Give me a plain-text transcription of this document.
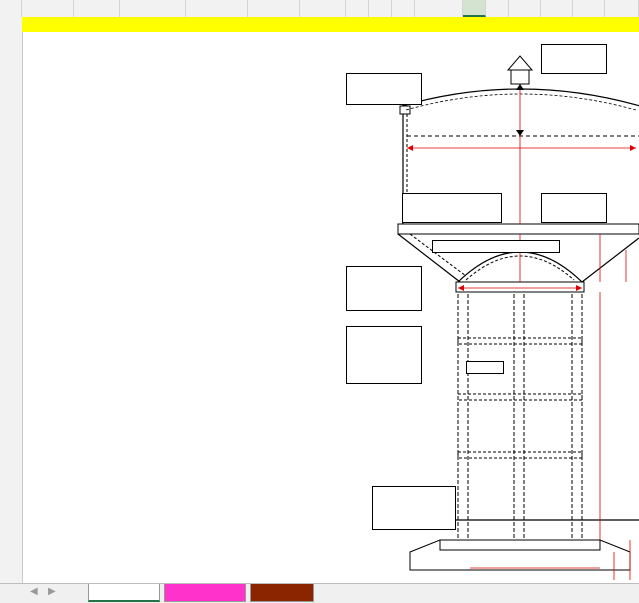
◀ ▶
